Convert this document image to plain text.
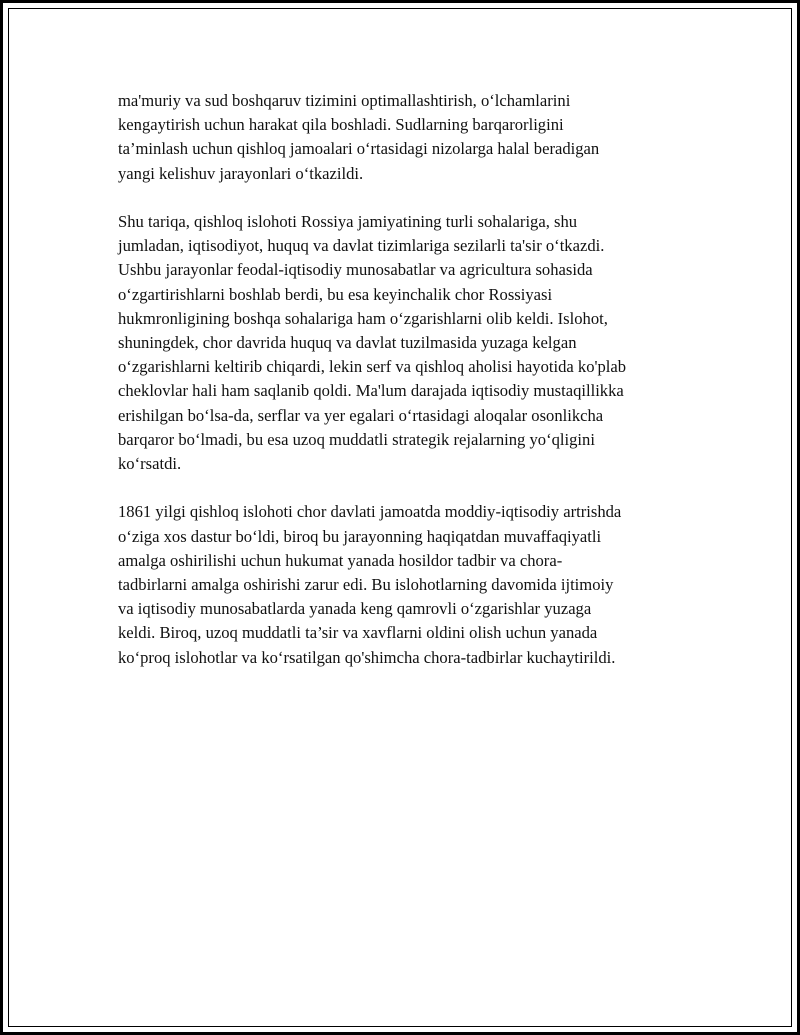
ma'muriy va sud boshqaruv tizimini optimallashtirish, o‘lchamlarini
kengaytirish uchun harakat qila boshladi. Sudlarning barqarorligini
ta’minlash uchun qishloq jamoalari o‘rtasidagi nizolarga halal beradigan
yangi kelishuv jarayonlari o‘tkazildi.
Shu tariqa, qishloq islohoti Rossiya jamiyatining turli sohalariga, shu
jumladan, iqtisodiyot, huquq va davlat tizimlariga sezilarli ta'sir o‘tkazdi.
Ushbu jarayonlar feodal-iqtisodiy munosabatlar va agricultura sohasida
o‘zgartirishlarni boshlab berdi, bu esa keyinchalik chor Rossiyasi
hukmronligining boshqa sohalariga ham o‘zgarishlarni olib keldi. Islohot,
shuningdek, chor davrida huquq va davlat tuzilmasida yuzaga kelgan
o‘zgarishlarni keltirib chiqardi, lekin serf va qishloq aholisi hayotida ko'plab
cheklovlar hali ham saqlanib qoldi. Ma'lum darajada iqtisodiy mustaqillikka
erishilgan bo‘lsa-da, serflar va yer egalari o‘rtasidagi aloqalar osonlikcha
barqaror bo‘lmadi, bu esa uzoq muddatli strategik rejalarning yo‘qligini
ko‘rsatdi.
1861 yilgi qishloq islohoti chor davlati jamoatda moddiy-iqtisodiy artrishda
o‘ziga xos dastur bo‘ldi, biroq bu jarayonning haqiqatdan muvaffaqiyatli
amalga oshirilishi uchun hukumat yanada hosildor tadbir va chora-
tadbirlarni amalga oshirishi zarur edi. Bu islohotlarning davomida ijtimoiy
va iqtisodiy munosabatlarda yanada keng qamrovli o‘zgarishlar yuzaga
keldi. Biroq, uzoq muddatli ta’sir va xavflarni oldini olish uchun yanada
ko‘proq islohotlar va ko‘rsatilgan qo'shimcha chora-tadbirlar kuchaytirildi.
